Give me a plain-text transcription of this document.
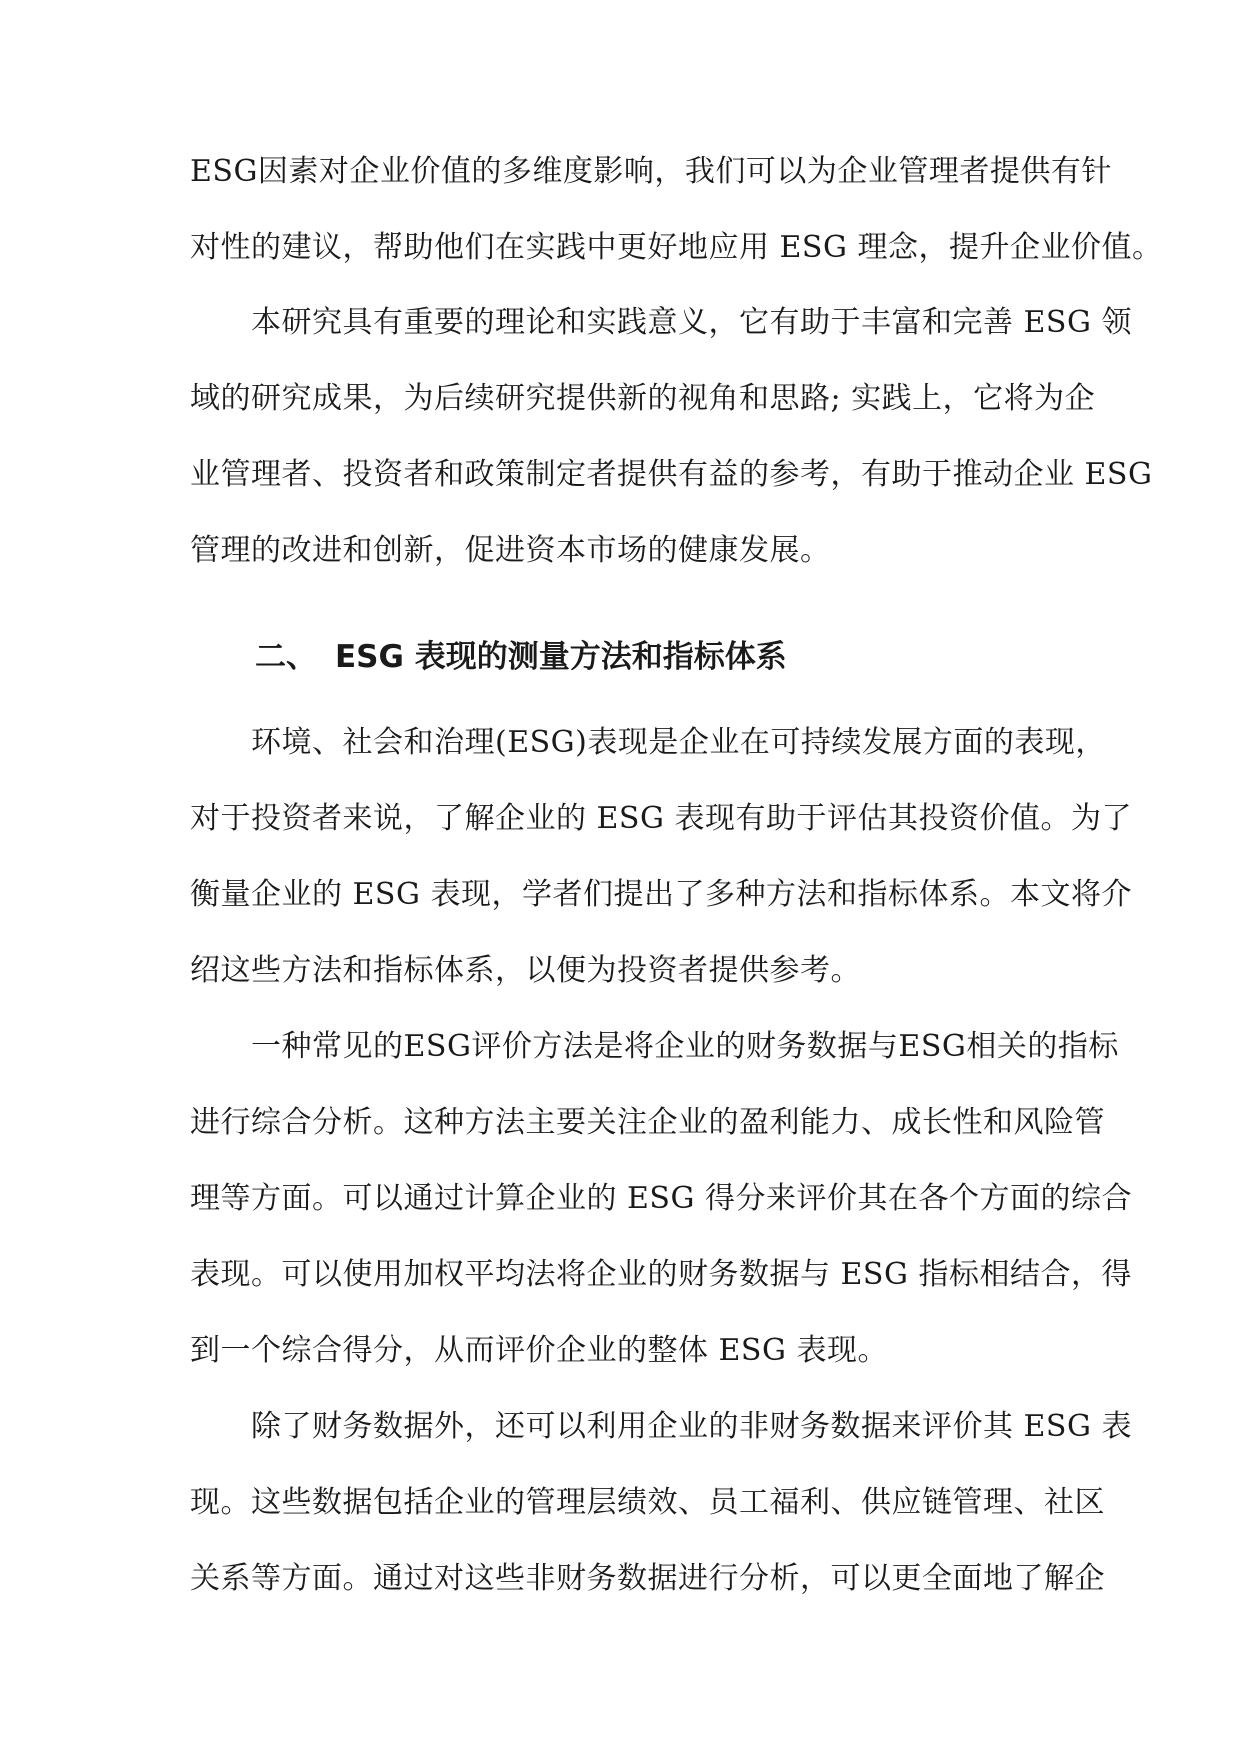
ESG因素对企业价值的多维度影响，我们可以为企业管理者提供有针
对性的建议，帮助他们在实践中更好地应用 ESG 理念，提升企业价值。
　　本研究具有重要的理论和实践意义，它有助于丰富和完善 ESG 领
域的研究成果，为后续研究提供新的视角和思路; 实践上，它将为企
业管理者、投资者和政策制定者提供有益的参考，有助于推动企业 ESG
管理的改进和创新，促进资本市场的健康发展。
二、 ESG 表现的测量方法和指标体系
　　环境、社会和治理(ESG)表现是企业在可持续发展方面的表现，
对于投资者来说，了解企业的 ESG 表现有助于评估其投资价值。为了
衡量企业的 ESG 表现，学者们提出了多种方法和指标体系。本文将介
绍这些方法和指标体系，以便为投资者提供参考。
　　一种常见的ESG评价方法是将企业的财务数据与ESG相关的指标
进行综合分析。这种方法主要关注企业的盈利能力、成长性和风险管
理等方面。可以通过计算企业的 ESG 得分来评价其在各个方面的综合
表现。可以使用加权平均法将企业的财务数据与 ESG 指标相结合，得
到一个综合得分，从而评价企业的整体 ESG 表现。
　　除了财务数据外，还可以利用企业的非财务数据来评价其 ESG 表
现。这些数据包括企业的管理层绩效、员工福利、供应链管理、社区
关系等方面。通过对这些非财务数据进行分析，可以更全面地了解企
